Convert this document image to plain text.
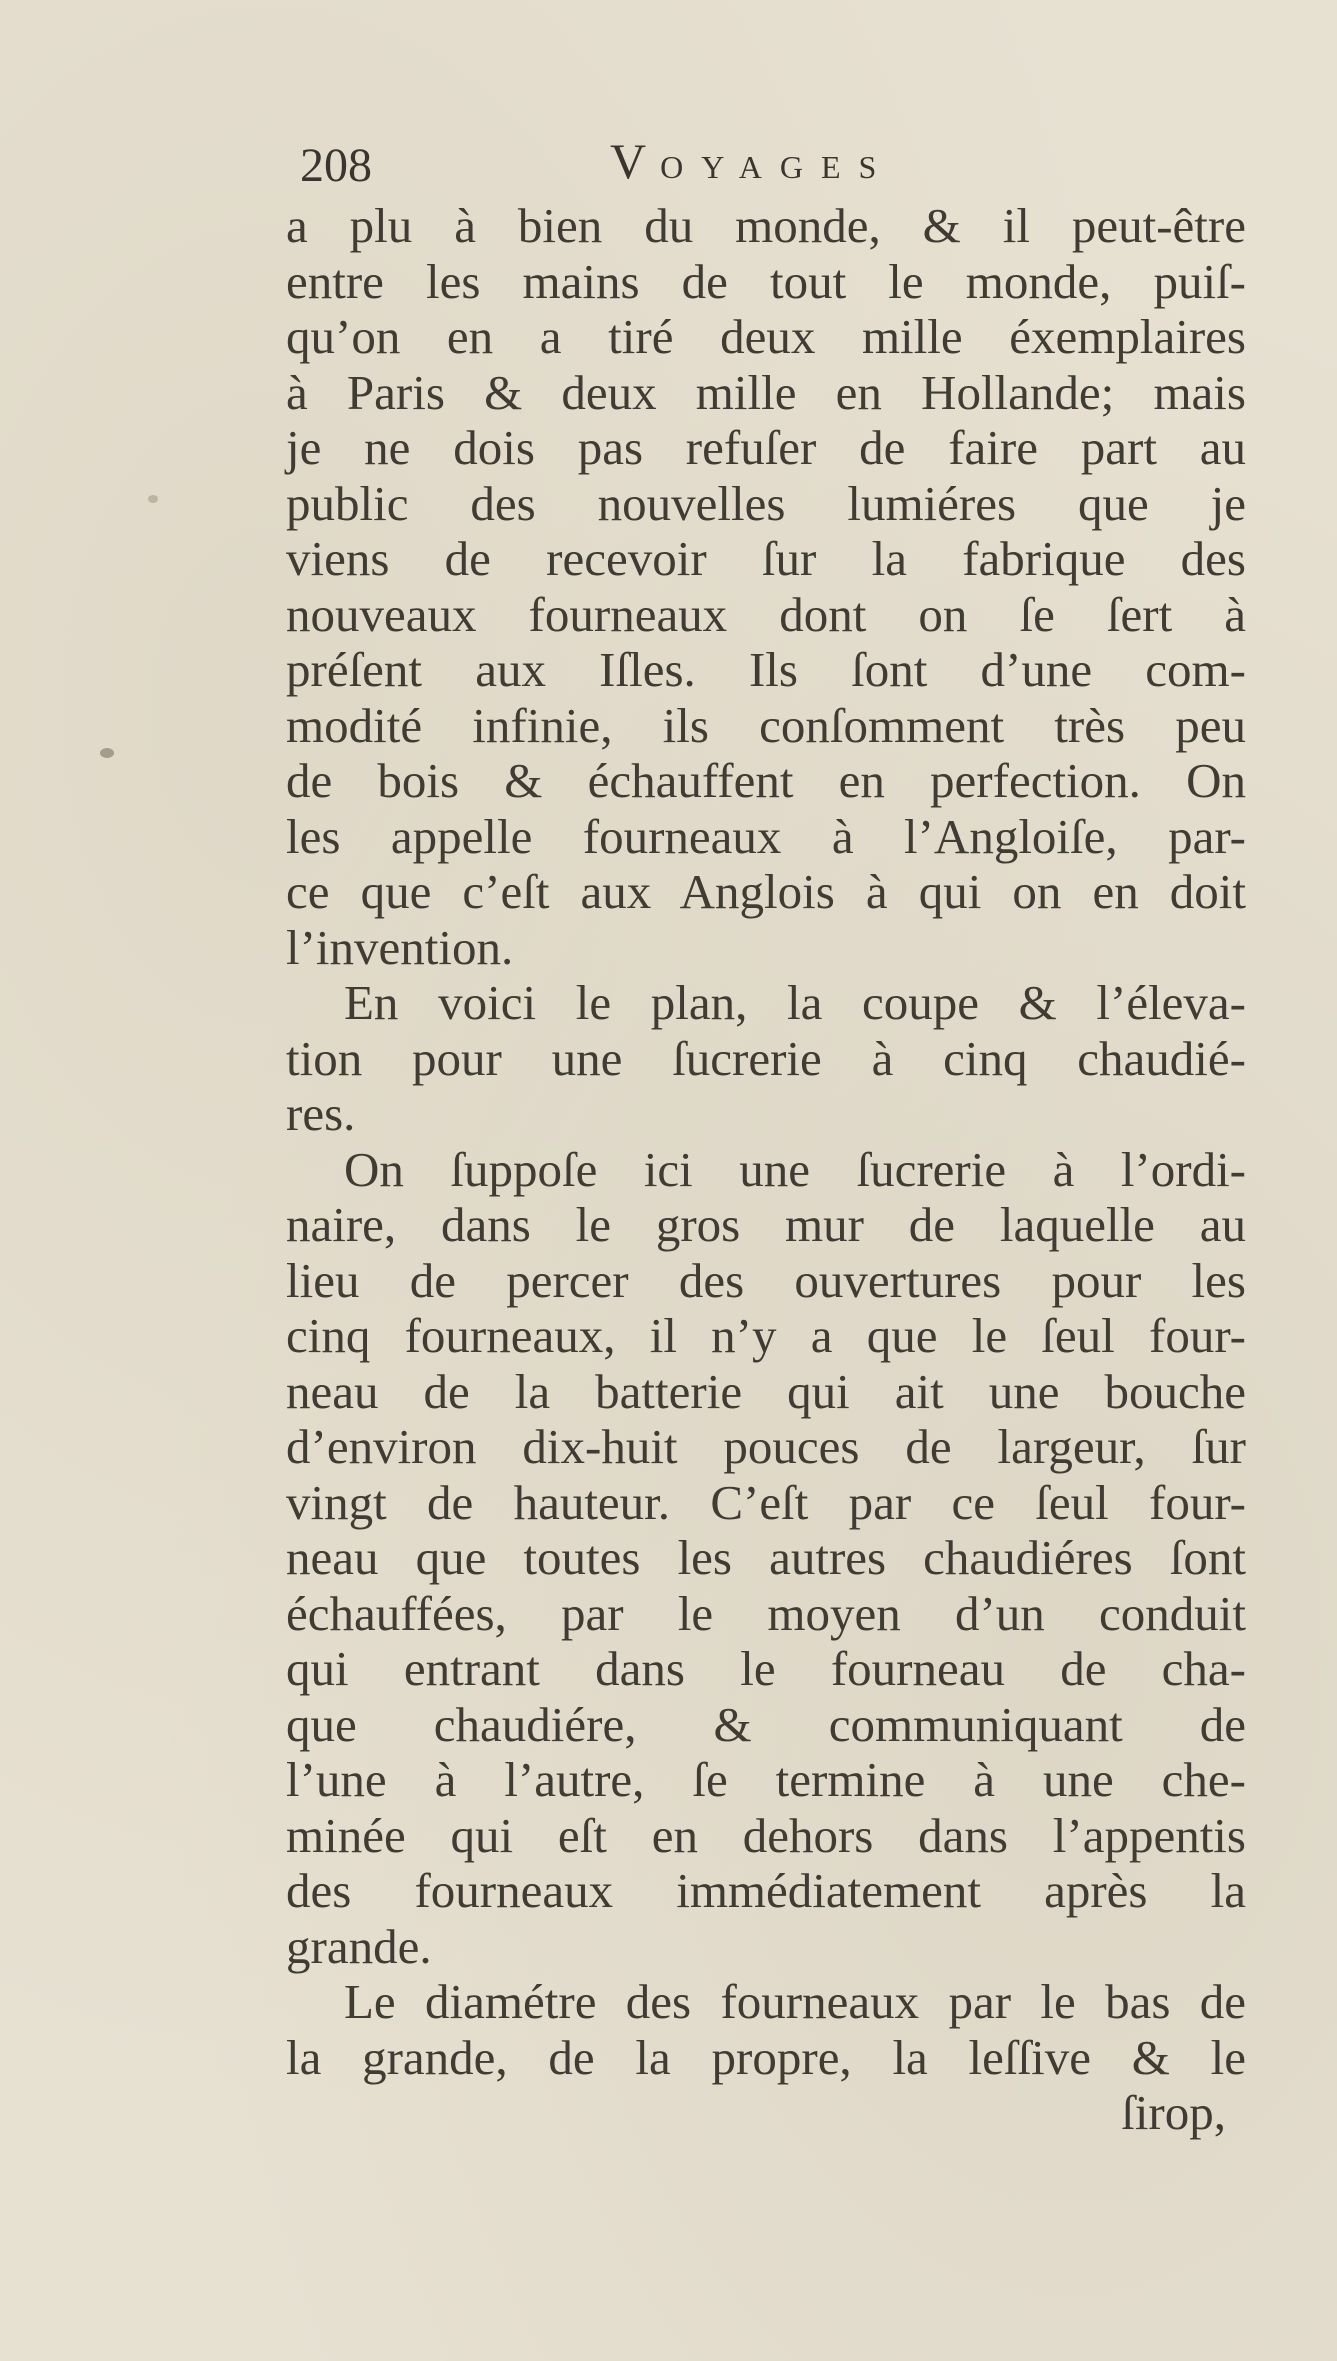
208	VOYAGES
a plu à bien du monde, & il peut-être
entre les mains de tout le monde, puiſ-
qu’on en a tiré deux mille éxemplaires
à Paris & deux mille en Hollande; mais
je ne dois pas refuſer de faire part au
public des nouvelles lumiéres que je
viens de recevoir ſur la fabrique des
nouveaux fourneaux dont on ſe ſert à
préſent aux Iſles. Ils ſont d’une com-
modité infinie, ils conſomment très peu
de bois & échauffent en perfection. On
les appelle fourneaux à l’Angloiſe, par-
ce que c’eſt aux Anglois à qui on en doit
l’invention.
En voici le plan, la coupe & l’éleva-
tion pour une ſucrerie à cinq chaudié-
res.
On ſuppoſe ici une ſucrerie à l’ordi-
naire, dans le gros mur de laquelle au
lieu de percer des ouvertures pour les
cinq fourneaux, il n’y a que le ſeul four-
neau de la batterie qui ait une bouche
d’environ dix-huit pouces de largeur, ſur
vingt de hauteur. C’eſt par ce ſeul four-
neau que toutes les autres chaudiéres ſont
échauffées, par le moyen d’un conduit
qui entrant dans le fourneau de cha-
que chaudiére, & communiquant de
l’une à l’autre, ſe termine à une che-
minée qui eſt en dehors dans l’appentis
des fourneaux immédiatement après la
grande.
Le diamétre des fourneaux par le bas de
la grande, de la propre, la leſſive & le
ſirop,
